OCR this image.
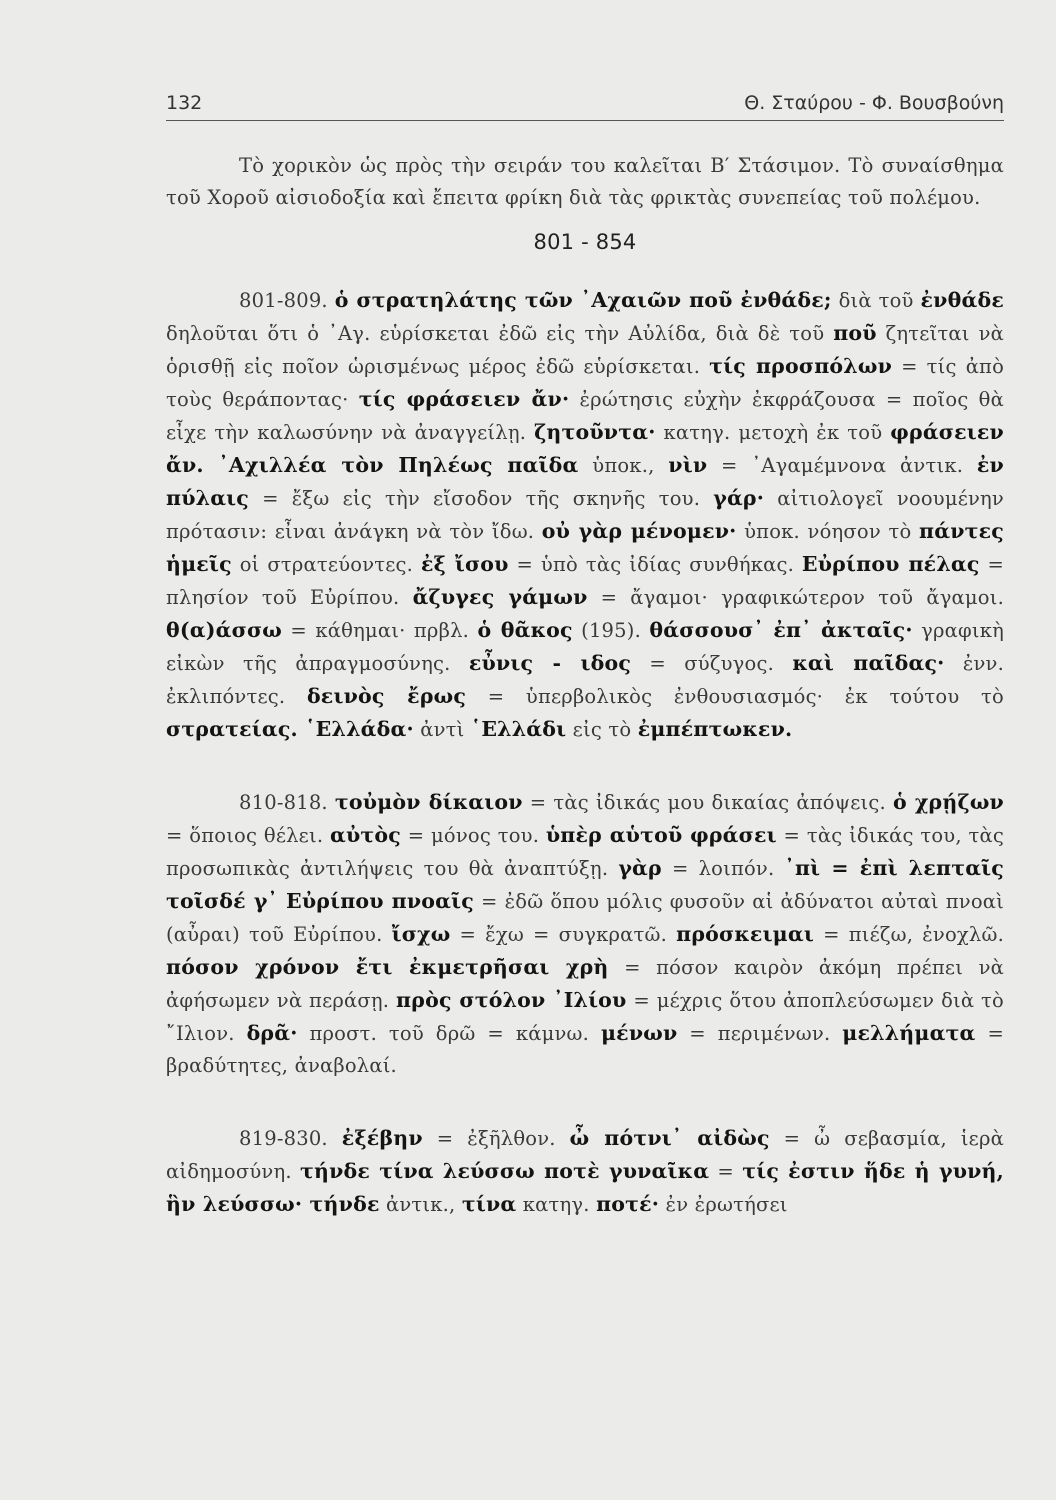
132	Θ. Σταύρου - Φ. Βουσβούνη

Τὸ χορικὸν ὡς πρὸς τὴν σειράν του καλεῖται Β′ Στάσιμον. Τὸ συναίσθημα τοῦ Χοροῦ αἰσιοδοξία καὶ ἔπειτα φρίκη διὰ τὰς φρικτὰς συνεπείας τοῦ πολέμου.

801 - 854

801-809. ὁ στρατηλάτης τῶν ᾿Αχαιῶν ποῦ ἐνθάδε; διὰ τοῦ ἐνθάδε δηλοῦται ὅτι ὁ ᾿Αγ. εὑρίσκεται ἐδῶ εἰς τὴν Αὐλίδα, διὰ δὲ τοῦ ποῦ ζητεῖται νὰ ὁρισθῇ εἰς ποῖον ὡρισμένως μέρος ἐδῶ εὑρίσκεται. τίς προσπόλων = τίς ἀπὸ τοὺς θεράποντας· τίς φράσειεν ἄν· ἐρώτησις εὐχὴν ἐκφράζουσα = ποῖος θὰ εἶχε τὴν καλωσύνην νὰ ἀναγγείλῃ. ζητοῦντα· κατηγ. μετοχὴ ἐκ τοῦ φράσειεν ἄν. ᾿Αχιλλέα τὸν Πηλέως παῖδα ὑποκ., νὶν = ᾿Αγαμέμνονα ἀντικ. ἐν πύλαις = ἔξω εἰς τὴν εἴσοδον τῆς σκηνῆς του. γάρ· αἰτιολογεῖ νοουμένην πρότασιν: εἶναι ἀνάγκη νὰ τὸν ἴδω. οὐ γὰρ μένομεν· ὑποκ. νόησον τὸ πάντες ἡμεῖς οἱ στρατεύοντες. ἐξ ἴσου = ὑπὸ τὰς ἰδίας συνθήκας. Εὐρίπου πέλας = πλησίον τοῦ Εὐρίπου. ἄζυγες γάμων = ἄγαμοι· γραφικώτερον τοῦ ἄγαμοι. θ(α)άσσω = κάθημαι· πρβλ. ὁ θᾶκος (195). θάσσουσ᾿ ἐπ᾿ ἀκταῖς· γραφικὴ εἰκὼν τῆς ἀπραγμοσύνης. εὖνις - ιδος = σύζυγος. καὶ παῖδας· ἐνν. ἐκλιπόντες. δεινὸς ἔρως = ὑπερβολικὸς ἐνθουσιασμός· ἐκ τούτου τὸ στρατείας. ῾Ελλάδα· ἀντὶ ῾Ελλάδι εἰς τὸ ἐμπέπτωκεν.

810-818. τοὐμὸν δίκαιον = τὰς ἰδικάς μου δικαίας ἀπόψεις. ὁ χρῄζων = ὅποιος θέλει. αὐτὸς = μόνος του. ὑπὲρ αὑτοῦ φράσει = τὰς ἰδικάς του, τὰς προσωπικὰς ἀντιλήψεις του θὰ ἀναπτύξῃ. γὰρ = λοιπόν. ᾿πὶ = ἐπὶ λεπταῖς τοῖσδέ γ᾿ Εὐρίπου πνοαῖς = ἐδῶ ὅπου μόλις φυσοῦν αἱ ἀδύνατοι αὐταὶ πνοαὶ (αὖραι) τοῦ Εὐρίπου. ἴσχω = ἔχω = συγκρατῶ. πρόσκειμαι = πιέζω, ἐνοχλῶ. πόσον χρόνον ἔτι ἐκμετρῆσαι χρὴ = πόσον καιρὸν ἀκόμη πρέπει νὰ ἀφήσωμεν νὰ περάσῃ. πρὸς στόλον ᾿Ιλίου = μέχρις ὅτου ἀποπλεύσωμεν διὰ τὸ ῎Ιλιον. δρᾶ· προστ. τοῦ δρῶ = κάμνω. μένων = περιμένων. μελλήματα = βραδύτητες, ἀναβολαί.

819-830. ἐξέβην = ἐξῆλθον. ὦ πότνι᾿ αἰδὼς = ὦ σεβασμία, ἱερὰ αἰδημοσύνη. τήνδε τίνα λεύσσω ποτὲ γυναῖκα = τίς ἐστιν ἥδε ἡ γυνή, ἣν λεύσσω· τήνδε ἀντικ., τίνα κατηγ. ποτέ· ἐν ἐρωτήσει
